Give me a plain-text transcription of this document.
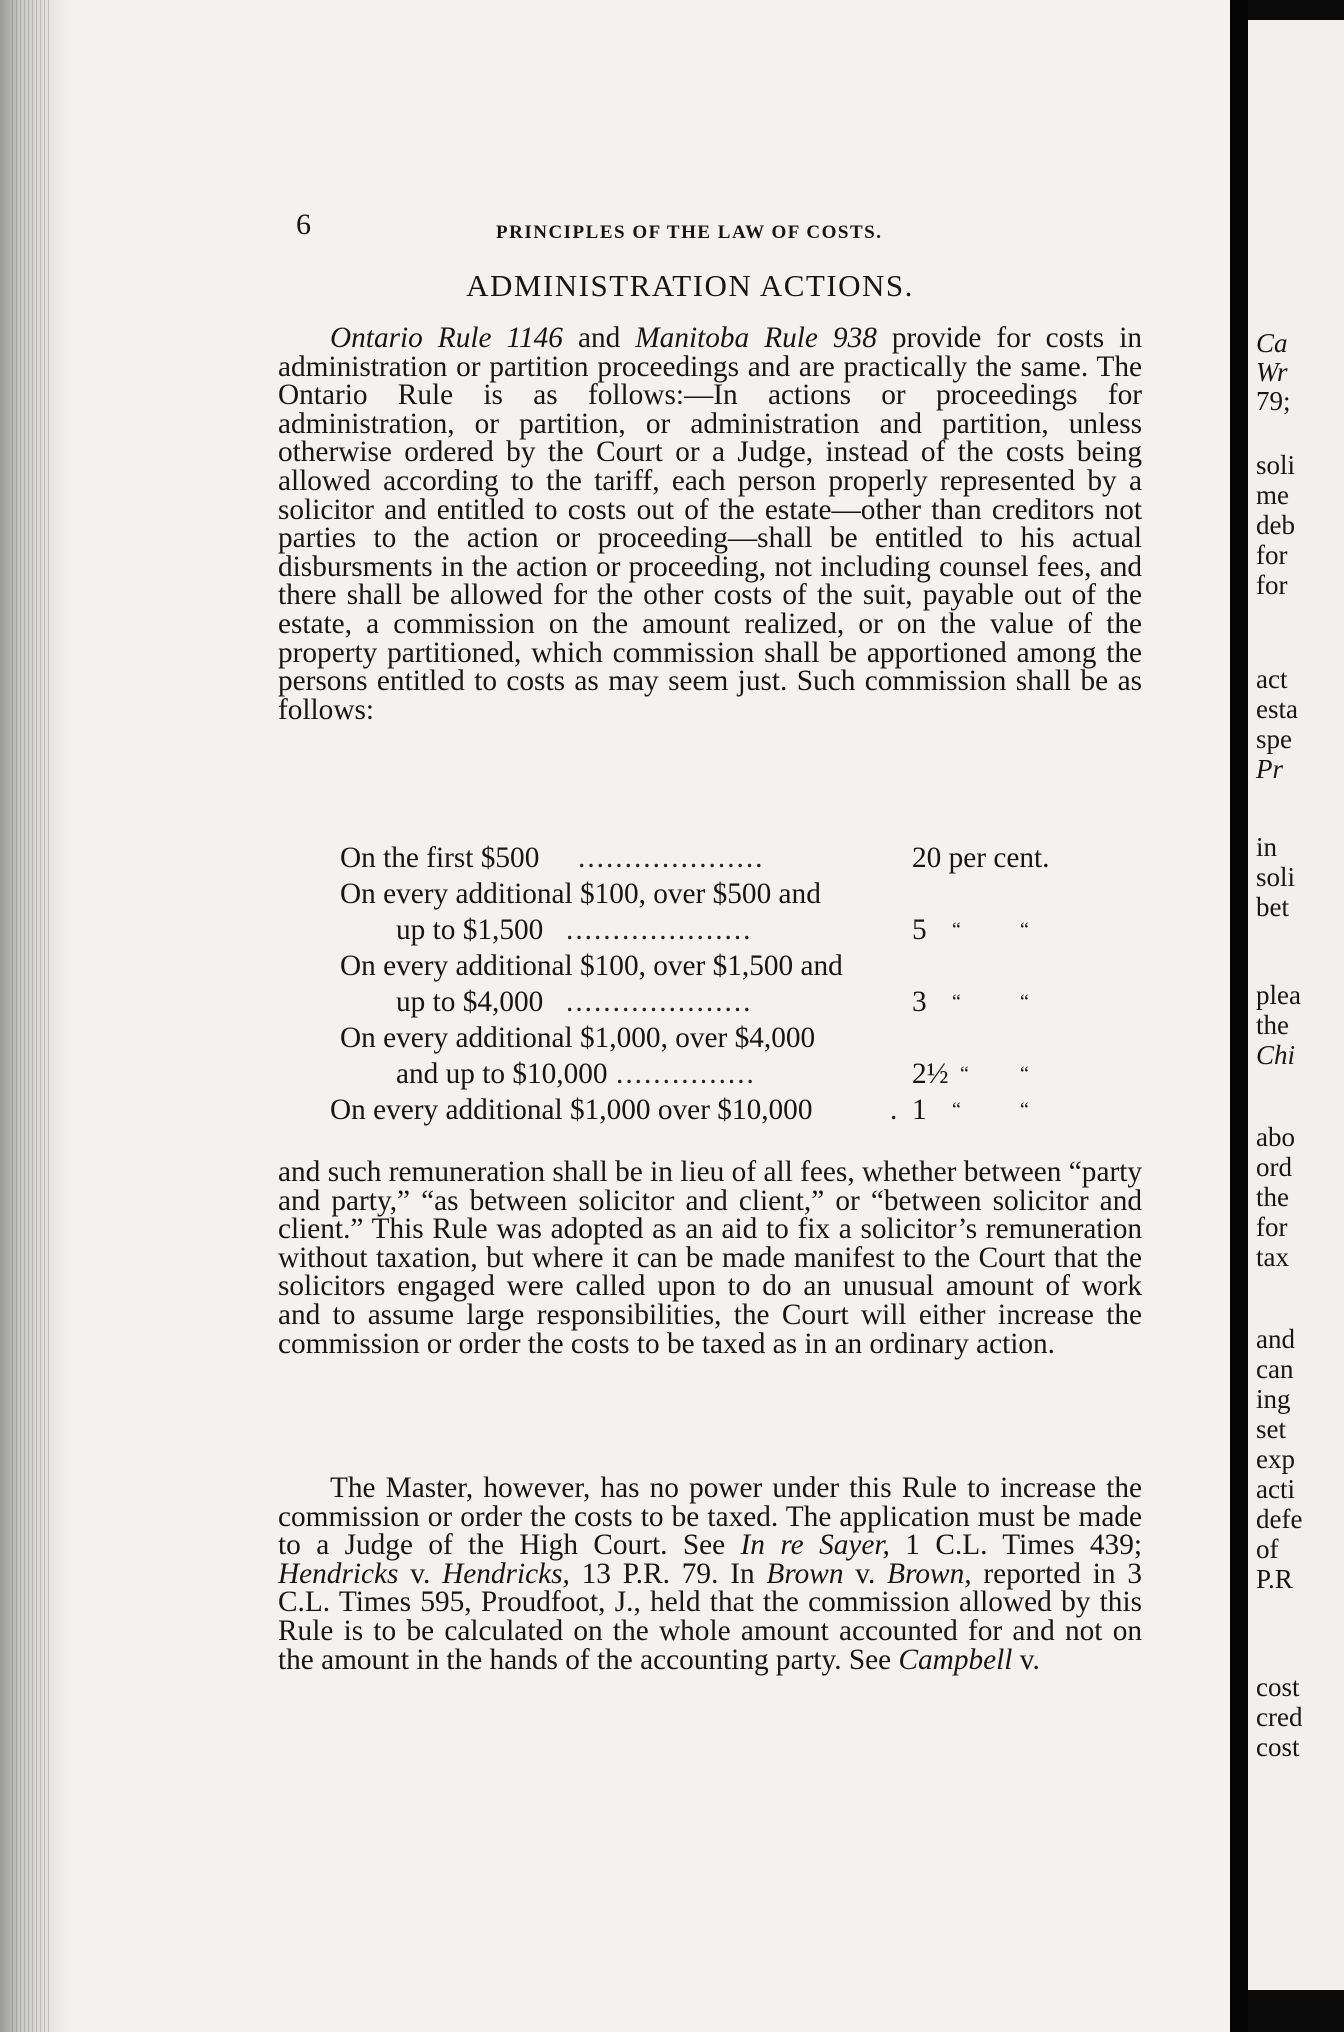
6	PRINCIPLES OF THE LAW OF COSTS.
ADMINISTRATION ACTIONS.

Ontario Rule 1146 and Manitoba Rule 938 provide for costs in administration or partition proceedings and are practically the same. The Ontario Rule is as follows:—In actions or proceedings for administration, or partition, or administration and partition, unless otherwise ordered by the Court or a Judge, instead of the costs being allowed according to the tariff, each person properly represented by a solicitor and entitled to costs out of the estate—other than creditors not parties to the action or proceeding—shall be entitled to his actual disbursments in the action or proceeding, not including counsel fees, and there shall be allowed for the other costs of the suit, payable out of the estate, a commission on the amount realized, or on the value of the property partitioned, which commission shall be apportioned among the persons entitled to costs as may seem just. Such commission shall be as follows:

On the first $500 ....................	20 per cent.
On every additional $100, over $500 and
up to $1,500 ....................	5 “	“
On every additional $100, over $1,500 and
up to $4,000 ....................	3 “	“
On every additional $1,000, over $4,000
and up to $10,000 ...............	2½ “	“
On every additional $1,000 over $10,000	. 1 “	“

and such remuneration shall be in lieu of all fees, whether between “party and party,” “as between solicitor and client,” or “between solicitor and client.” This Rule was adopted as an aid to fix a solicitor’s remuneration without taxation, but where it can be made manifest to the Court that the solicitors engaged were called upon to do an unusual amount of work and to assume large responsibilities, the Court will either increase the commission or order the costs to be taxed as in an ordinary action.

The Master, however, has no power under this Rule to increase the commission or order the costs to be taxed. The application must be made to a Judge of the High Court. See In re Sayer, 1 C.L. Times 439; Hendricks v. Hendricks, 13 P.R. 79. In Brown v. Brown, reported in 3 C.L. Times 595, Proudfoot, J., held that the commission allowed by this Rule is to be calculated on the whole amount accounted for and not on the amount in the hands of the accounting party. See Campbell v.

Ca
Wr
79;
soli
me
deb
for
for
act
esta
spe
Pr
in
soli
bet
plea
the
Chi
abo
ord
the
for
tax
and
can
ing
set
exp
acti
defe
of
P.R
cost
cred
cost
